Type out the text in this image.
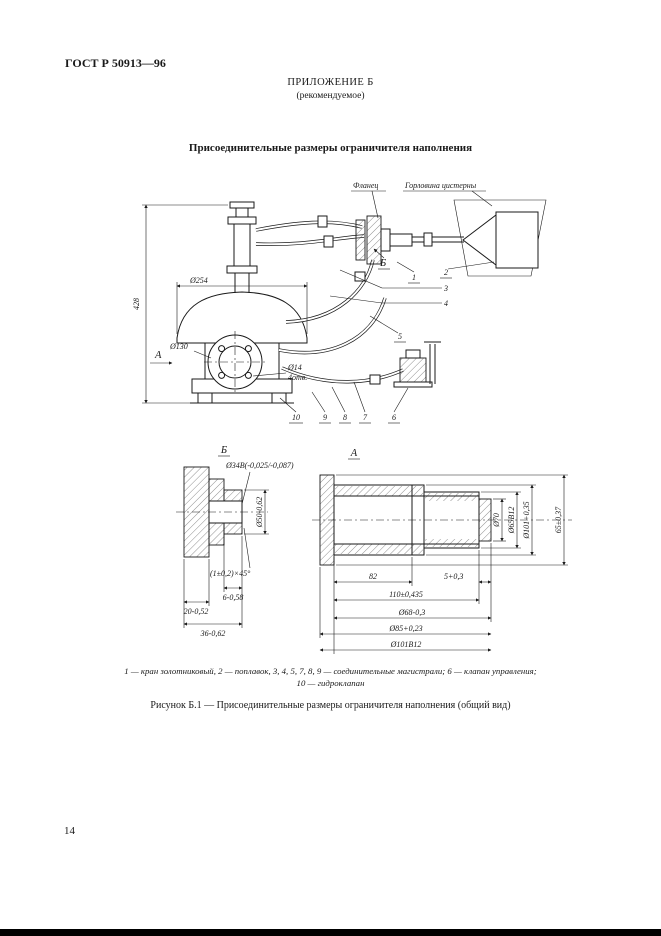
ГОСТ Р 50913—96
ПРИЛОЖЕНИЕ Б
(рекомендуемое)
Присоединительные размеры ограничителя наполнения
428
Ø254
Ø130
Ø14
4отв.
А
Фланец	Горловина цистерны
Б
1
2
3
4
5
10	9 8 7	6
Б
Ø34В(-0,025/-0,087)
Ø50-0,62
(1±0,2)×45°
6-0,58
20-0,52
36-0,62
А
Ø70 Ø65В12 Ø101+0,35	65±0,37
82	5+0,3
110±0,435
Ø68-0,3
Ø85+0,23
Ø101В12
1 — кран золотниковый, 2 — поплавок, 3, 4, 5, 7, 8, 9 — соединительные магистрали; 6 — клапан управления;
10 — гидроклапан
Рисунок Б.1 — Присоединительные размеры ограничителя наполнения (общий вид)
14
